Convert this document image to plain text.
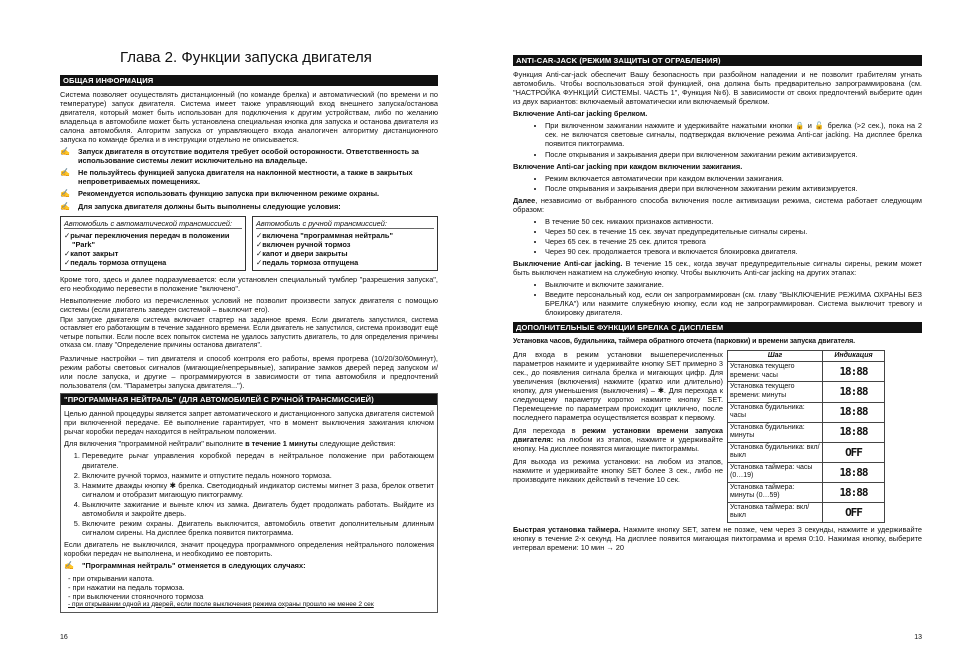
Глава 2. Функции запуска двигателя
ОБЩАЯ ИНФОРМАЦИЯ

Система позволяет осуществлять дистанционный (по команде брелка) и автоматический (по времени и по температуре) запуск двигателя. Система имеет также управляющий вход внешнего запуска/останова двигателя, который может быть использован для подключения к другим устройствам, либо по желанию владельца в автомобиле может быть установлена специальная кнопка для запуска и останова двигателя из салона автомобиля. Алгоритм запуска от управляющего входа аналогичен алгоритму дистанционного запуска по команде брелка и в инструкции отдельно не описывается.

✍ Запуск двигателя в отсутствие водителя требует особой осторожности. Ответственность за использование системы лежит исключительно на владельце.
✍ Не пользуйтесь функцией запуска двигателя на наклонной местности, а также в закрытых непроветриваемых помещениях.
✍ Рекомендуется использовать функцию запуска при включенном режиме охраны.
✍ Для запуска двигателя должны быть выполнены следующие условия:
Автомобиль с автоматической трансмиссией:
✓ рычаг переключения передач в положении "Park"
✓ капот закрыт
✓ педаль тормоза отпущена
Автомобиль с ручной трансмиссией:
✓ включена "программная нейтраль"
✓ включен ручной тормоз
✓ капот и двери закрыты
✓ педаль тормоза отпущена

Кроме того, здесь и далее подразумевается: если установлен специальный тумблер "разрешения запуска", его необходимо перевести в положение "включено".

Невыполнение любого из перечисленных условий не позволит произвести запуск двигателя с помощью системы (если двигатель заведен системой – выключит его).

При запуске двигателя система включает стартер на заданное время. Если двигатель запустился, система оставляет его работающим в течение заданного времени. Если двигатель не запустился, система производит ещё четыре попытки. Если после всех попыток система не удалось запустить двигатель, то для определения причины отказа см. главу "Определение причины останова двигателя".

Различные настройки – тип двигателя и способ контроля его работы, время прогрева (10/20/30/60минут), режим работы световых сигналов (мигающие/непрерывные), запирание замков дверей перед запуском и/или после запуска, и другие – программируются в зависимости от типа автомобиля и предпочтений пользователя (см. "Параметры запуска двигателя...").

"ПРОГРАММНАЯ НЕЙТРАЛЬ" (ДЛЯ АВТОМОБИЛЕЙ С РУЧНОЙ ТРАНСМИССИЕЙ)

Целью данной процедуры является запрет автоматического и дистанционного запуска двигателя системой при включенной передаче. Её выполнение гарантирует, что в момент выключения зажигания ключом рычаг коробки передач находится в нейтральном положении.

Для включения "программной нейтрали" выполните в течение 1 минуты следующие действия:

1. Переведите рычаг управления коробкой передач в нейтральное положение при работающем двигателе.
2. Включите ручной тормоз, нажмите и отпустите педаль ножного тормоза.
3. Нажмите дважды кнопку ✱ брелка. Светодиодный индикатор системы мигнет 3 раза, брелок ответит сигналом и отобразит мигающую пиктограмму.
4. Выключите зажигание и выньте ключ из замка. Двигатель будет продолжать работать. Выйдите из автомобиля и закройте дверь.
5. Включите режим охраны. Двигатель выключится, автомобиль ответит дополнительным длинным сигналом сирены. На дисплее брелка появится пиктограмма.

Если двигатель не выключился, значит процедура программного определения нейтрального положения коробки передач не выполнена, и необходимо ее повторить.

✍ "Программная нейтраль" отменяется в следующих случаях:
- при открывании капота.
- при нажатии на педаль тормоза.
- при выключении стояночного тормоза
- при открывании одной из дверей, если после выключения режима охраны прошло не менее 2 сек
16
ANTI-CAR-JACK (РЕЖИМ ЗАЩИТЫ ОТ ОГРАБЛЕНИЯ)

Функция Anti-car-jack обеспечит Вашу безопасность при разбойном нападении и не позволит грабителям угнать автомобиль. Чтобы воспользоваться этой функцией, она должна быть предварительно запрограммирована (см. "НАСТРОЙКА ФУНКЦИЙ СИСТЕМЫ. ЧАСТЬ 1", Функция №6). В зависимости от своих предпочтений выберите один из двух вариантов: включаемый автоматически или включаемый брелком.

Включение Anti-car jacking брелком.

• При включенном зажигании нажмите и удерживайте нажатыми кнопки 🔒 и 🔓 брелка (>2 сек.), пока на 2 сек. не включатся световые сигналы, подтверждая включение режима Anti-car jacking. На дисплее брелка появится пиктограмма.
• После открывания и закрывания двери при включенном зажигании режим активизируется.

Включение Anti-car jacking при каждом включении зажигания.

• Режим включается автоматически при каждом включении зажигания.
• После открывания и закрывания двери при включенном зажигании режим активизируется.

Далее, независимо от выбранного способа включения после активизации режима, система работает следующим образом:

• В течение 50 сек. никаких признаков активности.
• Через 50 сек. в течение 15 сек. звучат предупредительные сигналы сирены.
• Через 65 сек. в течение 25 сек. длится тревога
• Через 90 сек. продолжается тревога и включается блокировка двигателя.

Выключение Anti-car jacking. В течение 15 сек., когда звучат предупредительные сигналы сирены, режим может быть выключен нажатием на служебную кнопку. Чтобы выключить Anti-car jacking на других этапах:

• Выключите и включите зажигание.
• Введите персональный код, если он запрограммирован (см. главу "ВЫКЛЮЧЕНИЕ РЕЖИМА ОХРАНЫ БЕЗ БРЕЛКА") или нажмите служебную кнопку, если код не запрограммирован. Система выключит тревогу и блокировку двигателя.
ДОПОЛНИТЕЛЬНЫЕ ФУНКЦИИ БРЕЛКА С ДИСПЛЕЕМ
Установка часов, будильника, таймера обратного отсчета (парковки) и времени запуска двигателя.

Для входа в режим установки вышеперечисленных параметров нажмите и удерживайте кнопку SET примерно 3 сек., до появления сигнала брелка и мигающих цифр. Для увеличения (включения) нажмите (кратко или длительно) кнопку, для уменьшения (выключения) – ✱. Для перехода к следующему параметру коротко нажмите кнопку SET. Перемещение по параметрам происходит циклично, после последнего параметра осуществляется возврат к первому.

Для перехода в режим установки времени запуска двигателя: на любом из этапов, нажмите и удерживайте кнопку. На дисплее появятся мигающие пиктограммы.

Для выхода из режима установки: на любом из этапов, нажмите и удерживайте кнопку SET более 3 сек., либо не производите никаких действий в течение 10 сек.

Шаг	Индикация
Установка текущего времени: часы	18:88
Установка текущего времени: минуты	18:88
Установка будильника: часы	18:88
Установка будильника: минуты	18:88
Установка будильника: вкл/выкл	OFF
Установка таймера: часы (0…19)	18:88
Установка таймера: минуты (0…59)	18:88
Установка таймера: вкл/выкл	OFF

Быстрая установка таймера. Нажмите кнопку SET, затем не позже, чем через 3 секунды, нажмите и удерживайте кнопку в течение 2-х секунд. На дисплее появится мигающая пиктограмма и время 0:10. Нажимая кнопку, выберите интервал времени: 10 мин → 20

13
